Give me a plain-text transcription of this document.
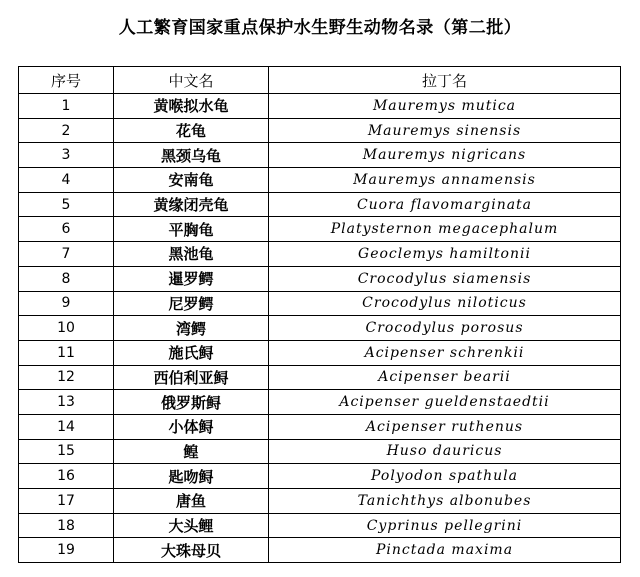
人工繁育国家重点保护水生野生动物名录（第二批）
序号	中文名	拉丁名
1	黄喉拟水龟	Mauremys mutica
2	花龟	Mauremys sinensis
3	黑颈乌龟	Mauremys nigricans
4	安南龟	Mauremys annamensis
5	黄缘闭壳龟	Cuora flavomarginata
6	平胸龟	Platysternon megacephalum
7	黑池龟	Geoclemys hamiltonii
8	暹罗鳄	Crocodylus siamensis
9	尼罗鳄	Crocodylus niloticus
10	湾鳄	Crocodylus porosus
11	施氏鲟	Acipenser schrenkii
12	西伯利亚鲟	Acipenser bearii
13	俄罗斯鲟	Acipenser gueldenstaedtii
14	小体鲟	Acipenser ruthenus
15	鳇	Huso dauricus
16	匙吻鲟	Polyodon spathula
17	唐鱼	Tanichthys albonubes
18	大头鲤	Cyprinus pellegrini
19	大珠母贝	Pinctada maxima
